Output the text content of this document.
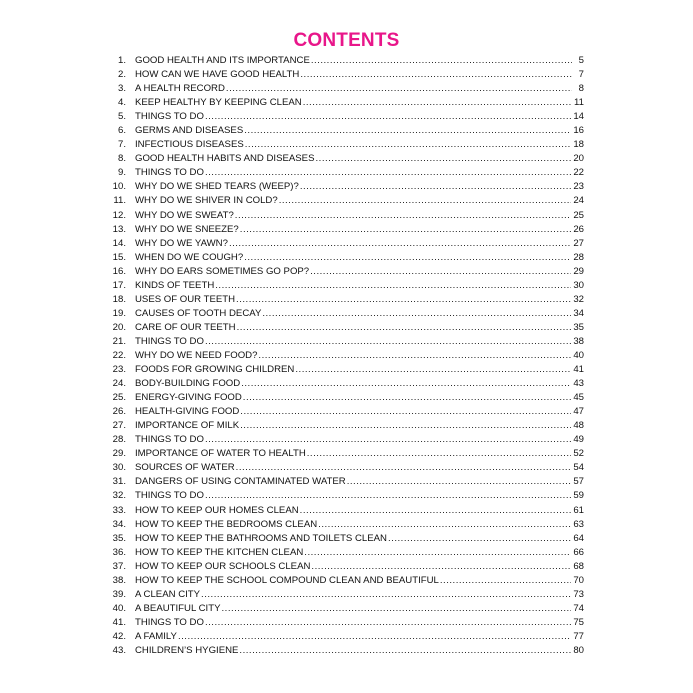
CONTENTS
1. GOOD HEALTH AND ITS IMPORTANCE .....	5
2. HOW CAN WE HAVE GOOD HEALTH .....	7
3. A HEALTH RECORD .....	8
4. KEEP HEALTHY BY KEEPING CLEAN .....	11
5. THINGS TO DO .....	14
6. GERMS AND DISEASES .....	16
7. INFECTIOUS DISEASES .....	18
8. GOOD HEALTH HABITS AND DISEASES .....	20
9. THINGS TO DO .....	22
10. WHY DO WE SHED TEARS (WEEP)? .....	23
11. WHY DO WE SHIVER IN COLD? .....	24
12. WHY DO WE SWEAT? .....	25
13. WHY DO WE SNEEZE? .....	26
14. WHY DO WE YAWN? .....	27
15. WHEN DO WE COUGH? .....	28
16. WHY DO EARS SOMETIMES GO POP? .....	29
17. KINDS OF TEETH .....	30
18. USES OF OUR TEETH .....	32
19. CAUSES OF TOOTH DECAY .....	34
20. CARE OF OUR TEETH .....	35
21. THINGS TO DO .....	38
22. WHY DO WE NEED FOOD? .....	40
23. FOODS FOR GROWING CHILDREN .....	41
24. BODY-BUILDING FOOD .....	43
25. ENERGY-GIVING FOOD .....	45
26. HEALTH-GIVING FOOD .....	47
27. IMPORTANCE OF MILK .....	48
28. THINGS TO DO .....	49
29. IMPORTANCE OF WATER TO HEALTH .....	52
30. SOURCES OF WATER .....	54
31. DANGERS OF USING CONTAMINATED WATER .....	57
32. THINGS TO DO .....	59
33. HOW TO KEEP OUR HOMES CLEAN .....	61
34. HOW TO KEEP THE BEDROOMS CLEAN .....	63
35. HOW TO KEEP THE BATHROOMS AND TOILETS CLEAN .....	64
36. HOW TO KEEP THE KITCHEN CLEAN .....	66
37. HOW TO KEEP OUR SCHOOLS CLEAN .....	68
38. HOW TO KEEP THE SCHOOL COMPOUND CLEAN AND BEAUTIFUL .....	70
39. A CLEAN CITY .....	73
40. A BEAUTIFUL CITY .....	74
41. THINGS TO DO .....	75
42. A FAMILY .....	77
43. CHILDREN’S HYGIENE .....	80
